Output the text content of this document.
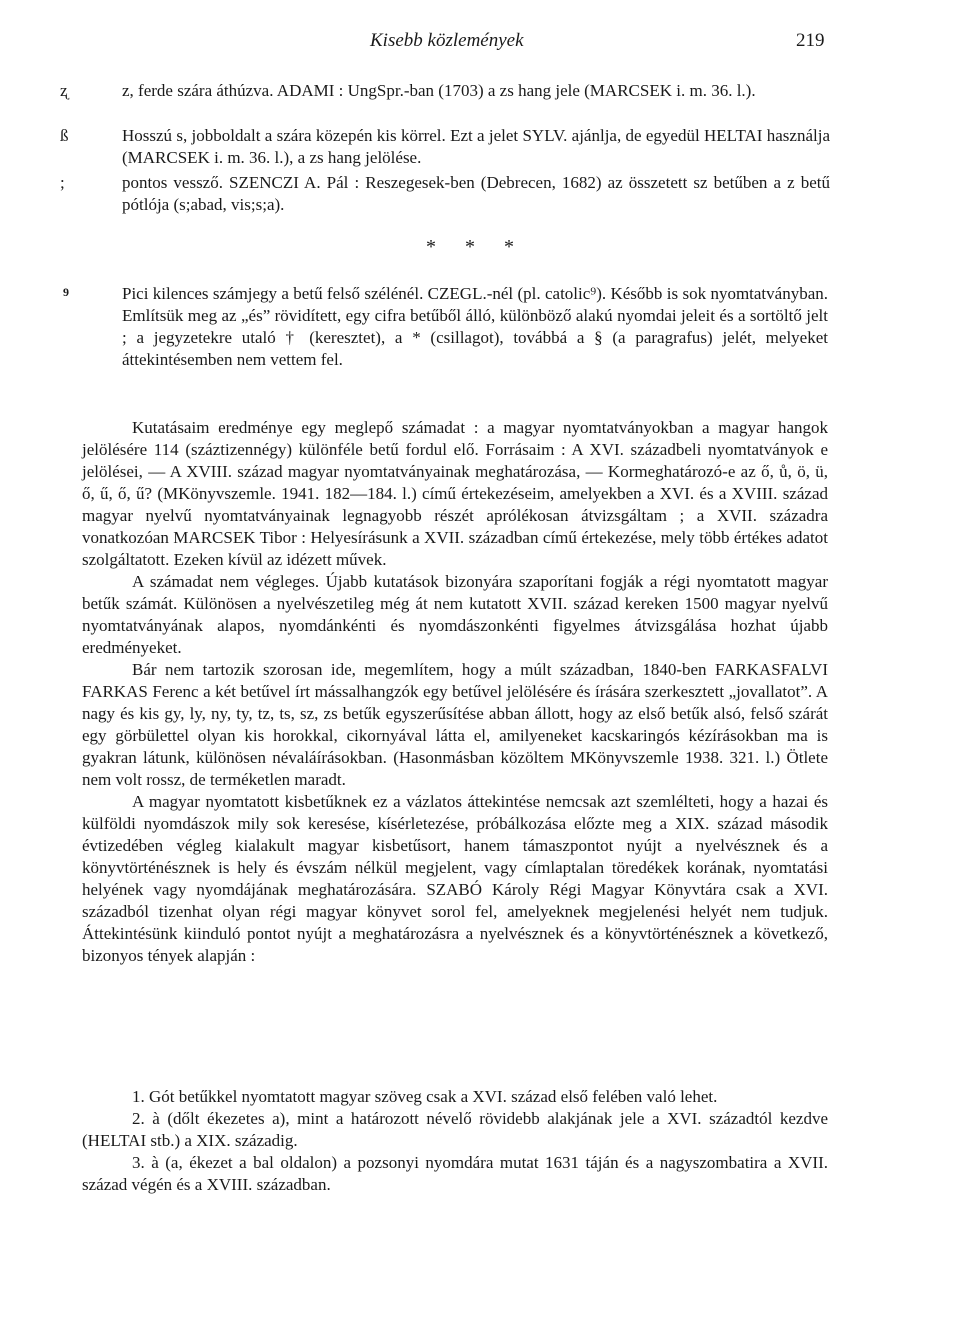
Kisebb közlemények	219
ʐ	z, ferde szára áthúzva. ADAMI : UngSpr.-ban (1703) a zs hang jele (MARCSEK i. m. 36. l.).
ß	Hosszú s, jobboldalt a szára közepén kis körrel. Ezt a jelet SYLV. ajánlja, de egyedül HELTAI használja (MARCSEK i. m. 36. l.), a zs hang jelölése.
;	pontos vessző. SZENCZI A. Pál : Reszegesek-ben (Debrecen, 1682) az összetett sz betűben a z betű pótlója (s;abad, vis;s;a).
* * *
9	Pici kilences számjegy a betű felső szélénél. CZEGL.-nél (pl. catolic⁹). Később is sok nyomtatványban. Említsük meg az „és” rövidített, egy cifra betűből álló, különböző alakú nyomdai jeleit és a sortöltő jelt ; a jegyzetekre utaló † (keresztet), a * (csillagot), továbbá a § (a paragrafus) jelét, melyeket áttekintésemben nem vettem fel.

Kutatásaim eredménye egy meglepő számadat : a magyar nyomtatványokban a magyar hangok jelölésére 114 (száztizennégy) különféle betű fordul elő. Forrásaim : A XVI. századbeli nyomtatványok e jelölései, — A XVIII. század magyar nyomtatványainak meghatározása, — Kormeghatározó-e az ő, ů, ö, ü, ő, ű, ő, ű? (MKönyvszemle. 1941. 182—184. l.) című értekezéseim, amelyekben a XVI. és a XVIII. század magyar nyelvű nyomtatványainak legnagyobb részét aprólékosan átvizsgáltam ; a XVII. századra vonatkozóan MARCSEK Tibor : Helyesírásunk a XVII. században című értekezése, mely több értékes adatot szolgáltatott. Ezeken kívül az idézett művek.

A számadat nem végleges. Újabb kutatások bizonyára szaporítani fogják a régi nyomtatott magyar betűk számát. Különösen a nyelvészetileg még át nem kutatott XVII. század kereken 1500 magyar nyelvű nyomtatványának alapos, nyomdánkénti és nyomdászonkénti figyelmes átvizsgálása hozhat újabb eredményeket.

Bár nem tartozik szorosan ide, megemlítem, hogy a múlt században, 1840-ben FARKASFALVI FARKAS Ferenc a két betűvel írt mássalhangzók egy betűvel jelölésére és írására szerkesztett „jovallatot”. A nagy és kis gy, ly, ny, ty, tz, ts, sz, zs betűk egyszerűsítése abban állott, hogy az első betűk alsó, felső szárát egy görbülettel olyan kis horokkal, cikornyával látta el, amilyeneket kacskaringós kézírásokban ma is gyakran látunk, különösen névaláírásokban. (Hasonmásban közöltem MKönyvszemle 1938. 321. l.) Ötlete nem volt rossz, de terméketlen maradt.

A magyar nyomtatott kisbetűknek ez a vázlatos áttekintése nemcsak azt szemlélteti, hogy a hazai és külföldi nyomdászok mily sok keresése, kísérletezése, próbálkozása előzte meg a XIX. század második évtizedében végleg kialakult magyar kisbetűsort, hanem támaszpontot nyújt a nyelvésznek és a könyvtörténésznek is hely és évszám nélkül megjelent, vagy címlaptalan töredékek korának, nyomtatási helyének vagy nyomdájának meghatározására. SZABÓ Károly Régi Magyar Könyvtára csak a XVI. századból tizenhat olyan régi magyar könyvet sorol fel, amelyeknek megjelenési helyét nem tudjuk. Áttekintésünk kiinduló pontot nyújt a meghatározásra a nyelvésznek és a könyvtörténésznek a következő, bizonyos tények alapján :

1. Gót betűkkel nyomtatott magyar szöveg csak a XVI. század első felében való lehet.

2. à (dőlt ékezetes a), mint a határozott névelő rövidebb alakjának jele a XVI. századtól kezdve (HELTAI stb.) a XIX. századig.

3. à (a, ékezet a bal oldalon) a pozsonyi nyomdára mutat 1631 táján és a nagyszombatira a XVII. század végén és a XVIII. században.
